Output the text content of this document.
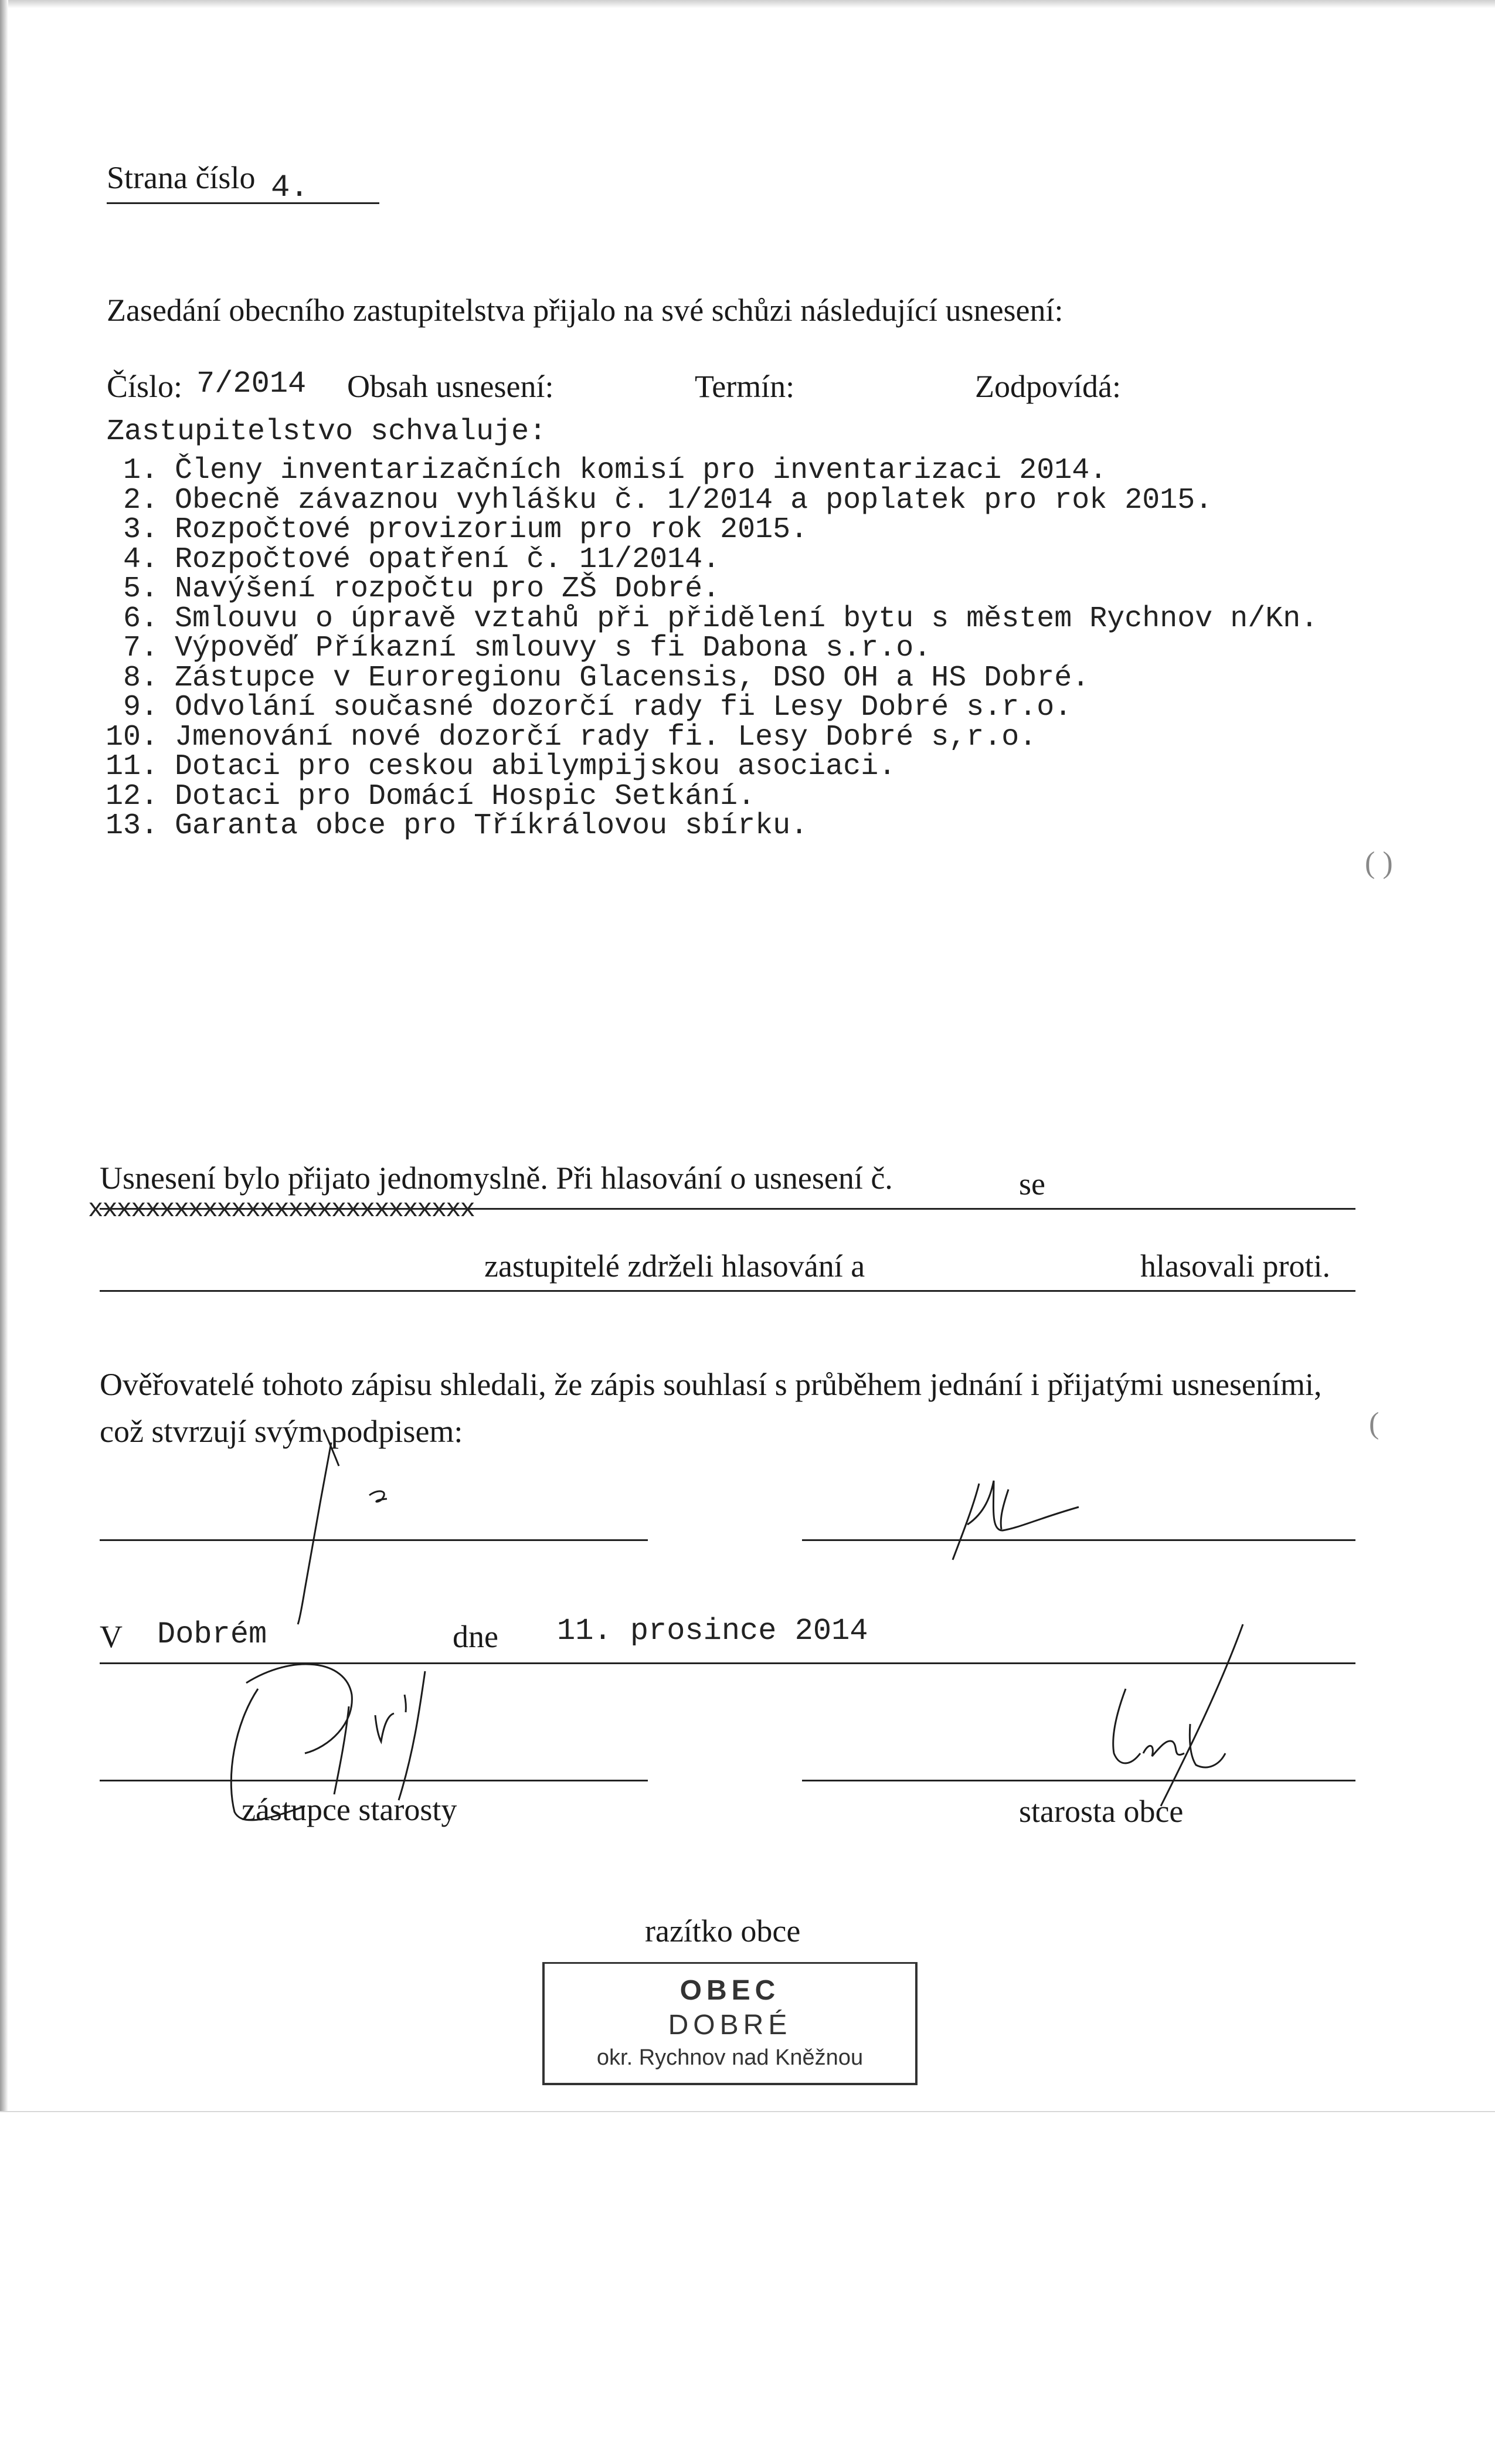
Strana číslo 4.
Zasedání obecního zastupitelstva přijalo na své schůzi následující usnesení:
Číslo: 7/2014 Obsah usnesení:	Termín:	Zodpovídá:
Zastupitelstvo schvaluje:
1. Členy inventarizačních komisí pro inventarizaci 2014.
2. Obecně závaznou vyhlášku č. 1/2014 a poplatek pro rok 2015.
3. Rozpočtové provizorium pro rok 2015.
4. Rozpočtové opatření č. 11/2014.
5. Navýšení rozpočtu pro ZŠ Dobré.
6. Smlouvu o úpravě vztahů při přidělení bytu s městem Rychnov n/Kn.
7. Výpověď Příkazní smlouvy s fi Dabona s.r.o.
8. Zástupce v Euroregionu Glacensis, DSO OH a HS Dobré.
9. Odvolání současné dozorčí rady fi Lesy Dobré s.r.o.
10. Jmenování nové dozorčí rady fi. Lesy Dobré s,r.o.
11. Dotaci pro ceskou abilympijskou asociaci.
12. Dotaci pro Domácí Hospic Setkání.
13. Garanta obce pro Tříkrálovou sbírku.
( )
Usnesení bylo přijato jednomyslně. Při hlasování o usnesení č.	se
xxxxxxxxxxxxxxxxxxxxxxxxxxx
zastupitelé zdrželi hlasování a	hlasovali proti.
Ověřovatelé tohoto zápisu shledali, že zápis souhlasí s průběhem jednání i přijatými usneseními,
což stvrzují svým podpisem:	(
V Dobrém	dne 11. prosince 2014
zástupce starosty	starosta obce
razítko obce
OBEC
DOBRÉ
okr. Rychnov nad Kněžnou
